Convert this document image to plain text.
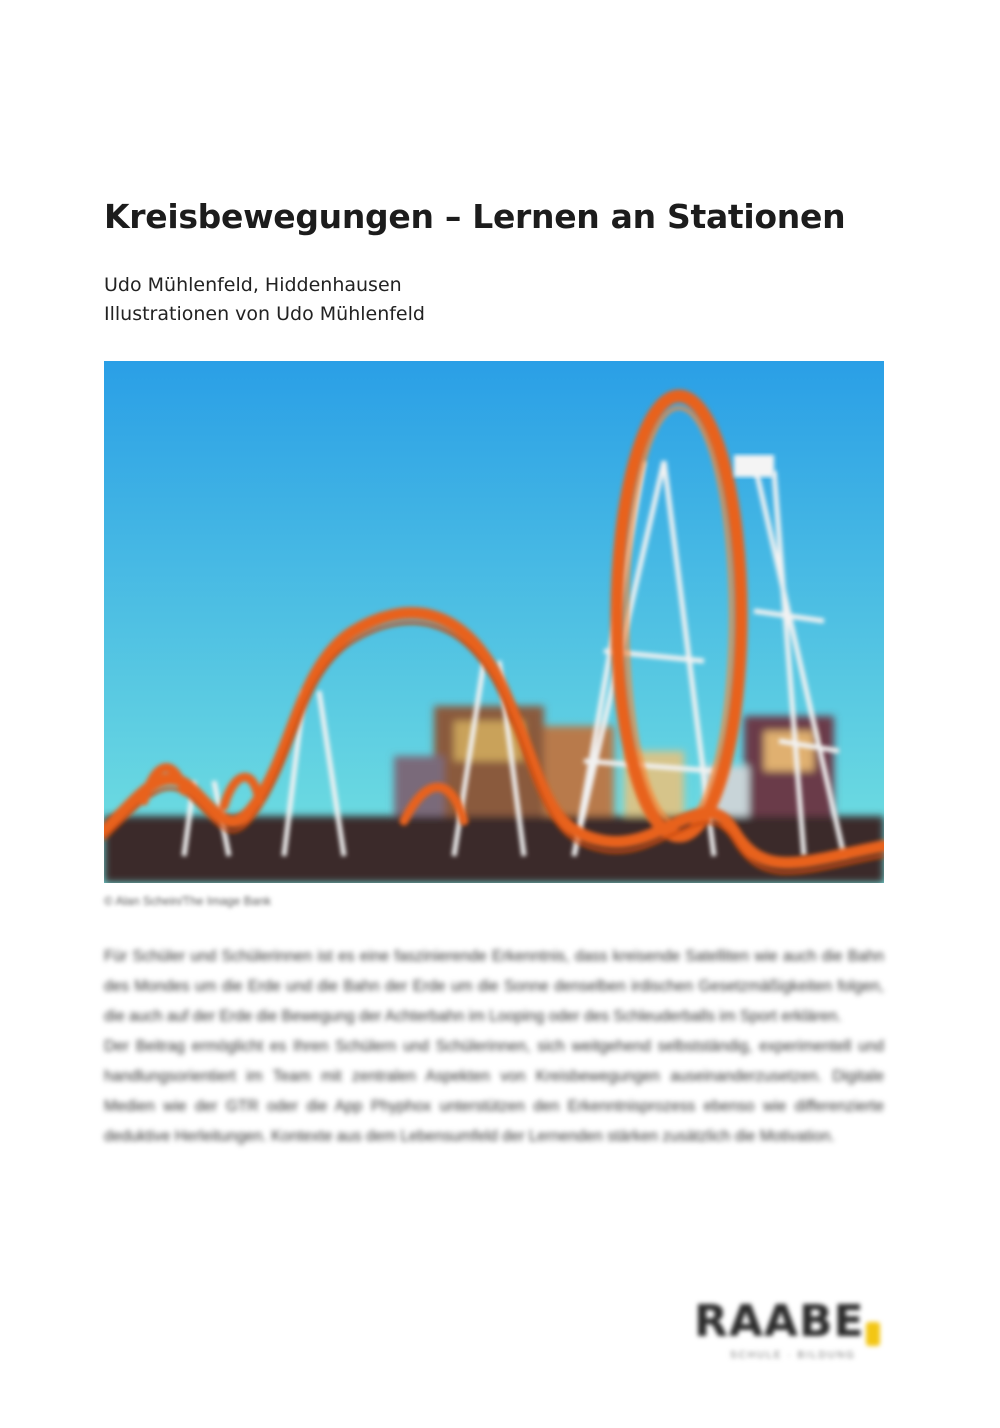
Kreisbewegungen – Lernen an Stationen
Udo Mühlenfeld, Hiddenhausen
Illustrationen von Udo Mühlenfeld
© Alan Schein/The Image Bank

Für Schüler und Schülerinnen ist es eine faszinierende Erkenntnis, dass kreisende Satelliten wie auch die Bahn des Mondes um die Erde und die Bahn der Erde um die Sonne denselben irdischen Gesetzmäßigkeiten folgen, die auch auf der Erde die Bewegung der Achterbahn im Looping oder des Schleuderballs im Sport erklären.

Der Beitrag ermöglicht es Ihren Schülern und Schülerinnen, sich weitgehend selbstständig, experimentell und handlungsorientiert im Team mit zentralen Aspekten von Kreisbewegungen auseinanderzusetzen. Digitale Medien wie der GTR oder die App Phyphox unterstützen den Erkenntnisprozess ebenso wie differenzierte deduktive Herleitungen. Kontexte aus dem Lebensumfeld der Lernenden stärken zusätzlich die Motivation.

RAABE
SCHULE · BILDUNG
